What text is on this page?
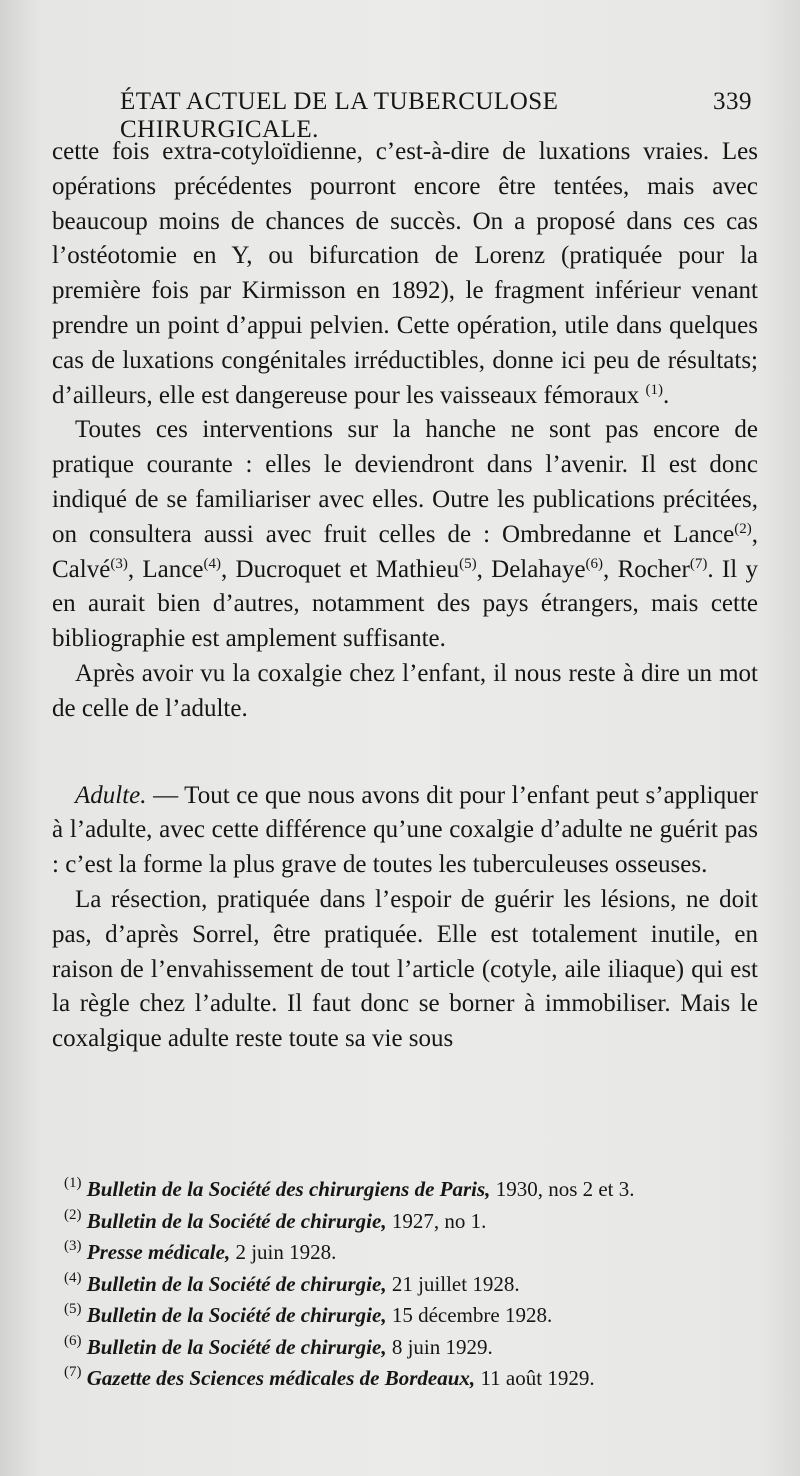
ÉTAT ACTUEL DE LA TUBERCULOSE CHIRURGICALE.
339

cette fois extra-cotyloïdienne, c’est-à-dire de luxations vraies. Les opérations précédentes pourront encore être tentées, mais avec beaucoup moins de chances de succès. On a proposé dans ces cas l’ostéotomie en Y, ou bifurcation de Lorenz (pratiquée pour la première fois par Kirmisson en 1892), le fragment inférieur venant prendre un point d’appui pelvien. Cette opération, utile dans quelques cas de luxations congénitales irréductibles, donne ici peu de résultats; d’ailleurs, elle est dangereuse pour les vaisseaux fémoraux $^{(1)}$.

Toutes ces interventions sur la hanche ne sont pas encore de pratique courante : elles le deviendront dans l’avenir. Il est donc indiqué de se familiariser avec elles. Outre les publications précitées, on consultera aussi avec fruit celles de : Ombredanne et Lance$^{(2)}$, Calvé$^{(3)}$, Lance$^{(4)}$, Ducroquet et Mathieu$^{(5)}$, Delahaye$^{(6)}$, Rocher$^{(7)}$. Il y en aurait bien d’autres, notamment des pays étrangers, mais cette bibliographie est amplement suffisante.

Après avoir vu la coxalgie chez l’enfant, il nous reste à dire un mot de celle de l’adulte.

Adulte. — Tout ce que nous avons dit pour l’enfant peut s’appliquer à l’adulte, avec cette différence qu’une coxalgie d’adulte ne guérit pas : c’est la forme la plus grave de toutes les tuberculeuses osseuses.

La résection, pratiquée dans l’espoir de guérir les lésions, ne doit pas, d’après Sorrel, être pratiquée. Elle est totalement inutile, en raison de l’envahissement de tout l’article (cotyle, aile iliaque) qui est la règle chez l’adulte. Il faut donc se borner à immobiliser. Mais le coxalgique adulte reste toute sa vie sous

$^{(1)}$ Bulletin de la Société des chirurgiens de Paris, 1930, nos 2 et 3.
$^{(2)}$ Bulletin de la Société de chirurgie, 1927, no 1.
$^{(3)}$ Presse médicale, 2 juin 1928.
$^{(4)}$ Bulletin de la Société de chirurgie, 21 juillet 1928.
$^{(5)}$ Bulletin de la Société de chirurgie, 15 décembre 1928.
$^{(6)}$ Bulletin de la Société de chirurgie, 8 juin 1929.
$^{(7)}$ Gazette des Sciences médicales de Bordeaux, 11 août 1929.
